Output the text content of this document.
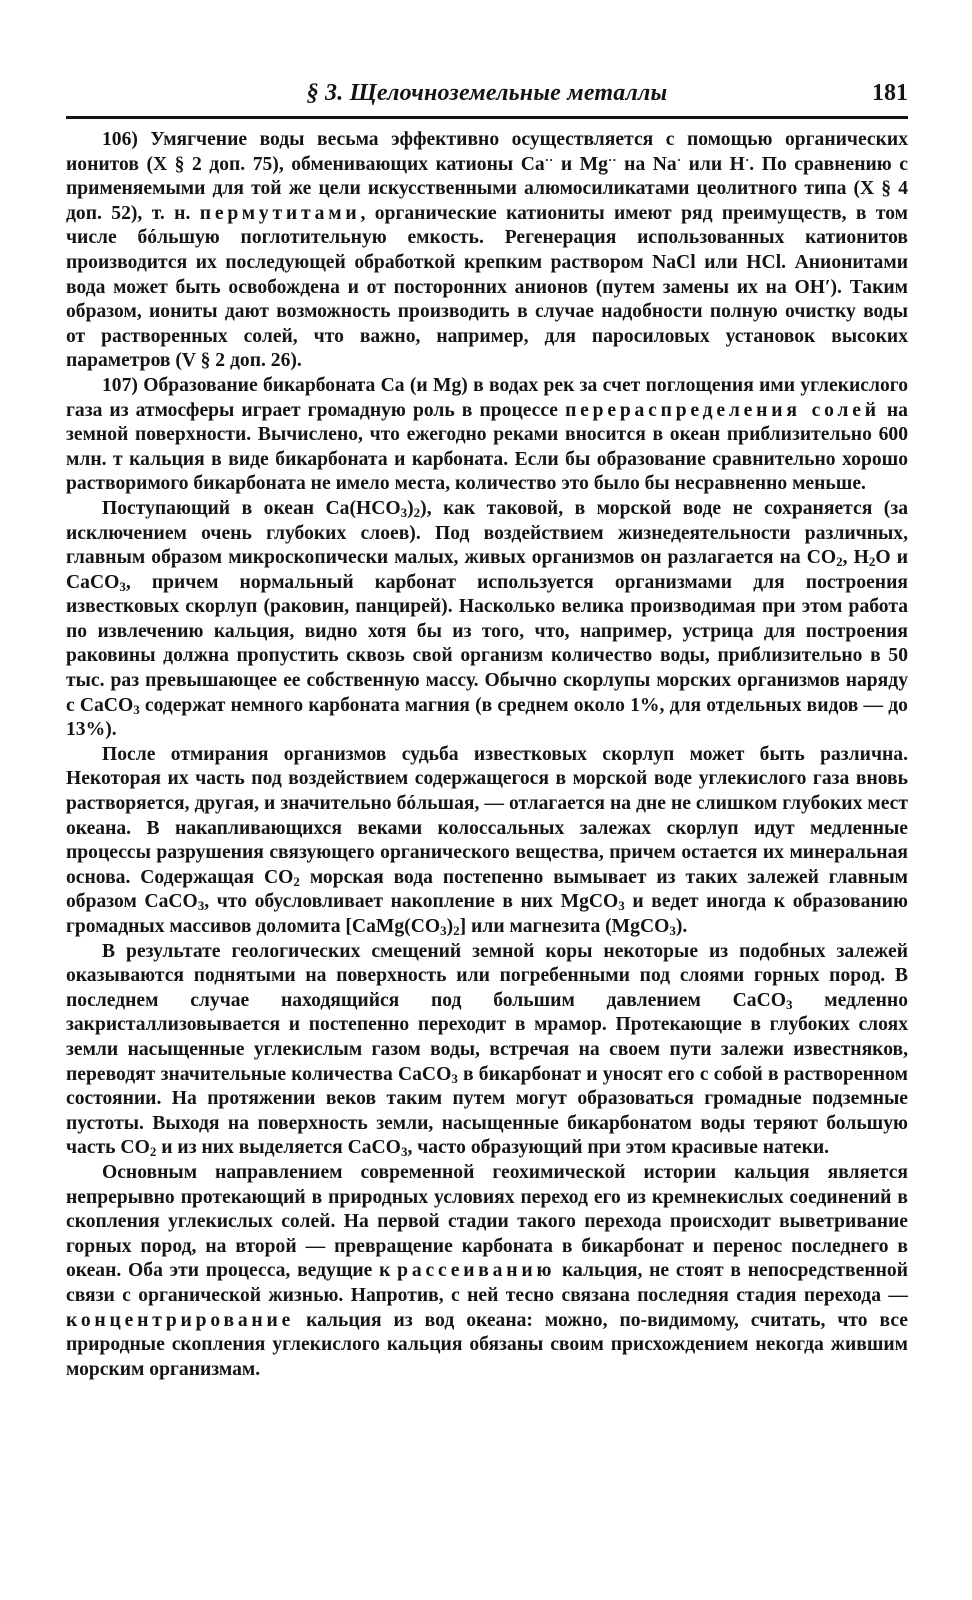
§ 3. Щелочноземельные металлы	181

106) Умягчение воды весьма эффективно осуществляется с помощью органических ионитов (X § 2 доп. 75), обменивающих катионы Ca·· и Mg·· на Na· или H·. По сравнению с применяемыми для той же цели искусственными алюмосиликатами цеолитного типа (X § 4 доп. 52), т. н. пермутитами, органические катиониты имеют ряд преимуществ, в том числе бóльшую поглотительную емкость. Регенерация использованных катионитов производится их последующей обработкой крепким раствором NaCl или HCl. Анионитами вода может быть освобождена и от посторонних анионов (путем замены их на OH′). Таким образом, иониты дают возможность производить в случае надобности полную очистку воды от растворенных солей, что важно, например, для паросиловых установок высоких параметров (V § 2 доп. 26).

107) Образование бикарбоната Ca (и Mg) в водах рек за счет поглощения ими углекислого газа из атмосферы играет громадную роль в процессе перераспределения солей на земной поверхности. Вычислено, что ежегодно реками вносится в океан приблизительно 600 млн. т кальция в виде бикарбоната и карбоната. Если бы образование сравнительно хорошо растворимого бикарбоната не имело места, количество это было бы несравненно меньше.

Поступающий в океан $Ca(HCO_3)_2$), как таковой, в морской воде не сохраняется (за исключением очень глубоких слоев). Под воздействием жизнедеятельности различных, главным образом микроскопически малых, живых организмов он разлагается на $CO_2$, $H_2O$ и CaCO$_3$, причем нормальный карбонат используется организмами для построения известковых скорлуп (раковин, панцирей). Насколько велика производимая при этом работа по извлечению кальция, видно хотя бы из того, что, например, устрица для построения раковины должна пропустить сквозь свой организм количество воды, приблизительно в 50 тыс. раз превышающее ее собственную массу. Обычно скорлупы морских организмов наряду с CaCO$_3$ содержат немного карбоната магния (в среднем около 1%, для отдельных видов — до 13%).

После отмирания организмов судьба известковых скорлуп может быть различна. Некоторая их часть под воздействием содержащегося в морской воде углекислого газа вновь растворяется, другая, и значительно бóльшая, — отлагается на дне не слишком глубоких мест океана. В накапливающихся веками колоссальных залежах скорлуп идут медленные процессы разрушения связующего органического вещества, причем остается их минеральная основа. Содержащая $CO_2$ морская вода постепенно вымывает из таких залежей главным образом CaCO$_3$, что обусловливает накопление в них MgCO$_3$ и ведет иногда к образованию громадных массивов доломита $[CaMg(CO_3)_2]$ или магнезита (MgCO$_3$).

В результате геологических смещений земной коры некоторые из подобных залежей оказываются поднятыми на поверхность или погребенными под слоями горных пород. В последнем случае находящийся под большим давлением CaCO$_3$ медленно закристаллизовывается и постепенно переходит в мрамор. Протекающие в глубоких слоях земли насыщенные углекислым газом воды, встречая на своем пути залежи известняков, переводят значительные количества CaCO$_3$ в бикарбонат и уносят его с собой в растворенном состоянии. На протяжении веков таким путем могут образоваться громадные подземные пустоты. Выходя на поверхность земли, насыщенные бикарбонатом воды теряют большую часть $CO_2$ и из них выделяется CaCO$_3$, часто образующий при этом красивые натеки.

Основным направлением современной геохимической истории кальция является непрерывно протекающий в природных условиях переход его из кремнекислых соединений в скопления углекислых солей. На первой стадии такого перехода происходит выветривание горных пород, на второй — превращение карбоната в бикарбонат и перенос последнего в океан. Оба эти процесса, ведущие к рассеиванию кальция, не стоят в непосредственной связи с органической жизнью. Напротив, с ней тесно связана последняя стадия перехода — концентрирование кальция из вод океана: можно, по-видимому, считать, что все природные скопления углекислого кальция обязаны своим присхождением некогда жившим морским организмам.
